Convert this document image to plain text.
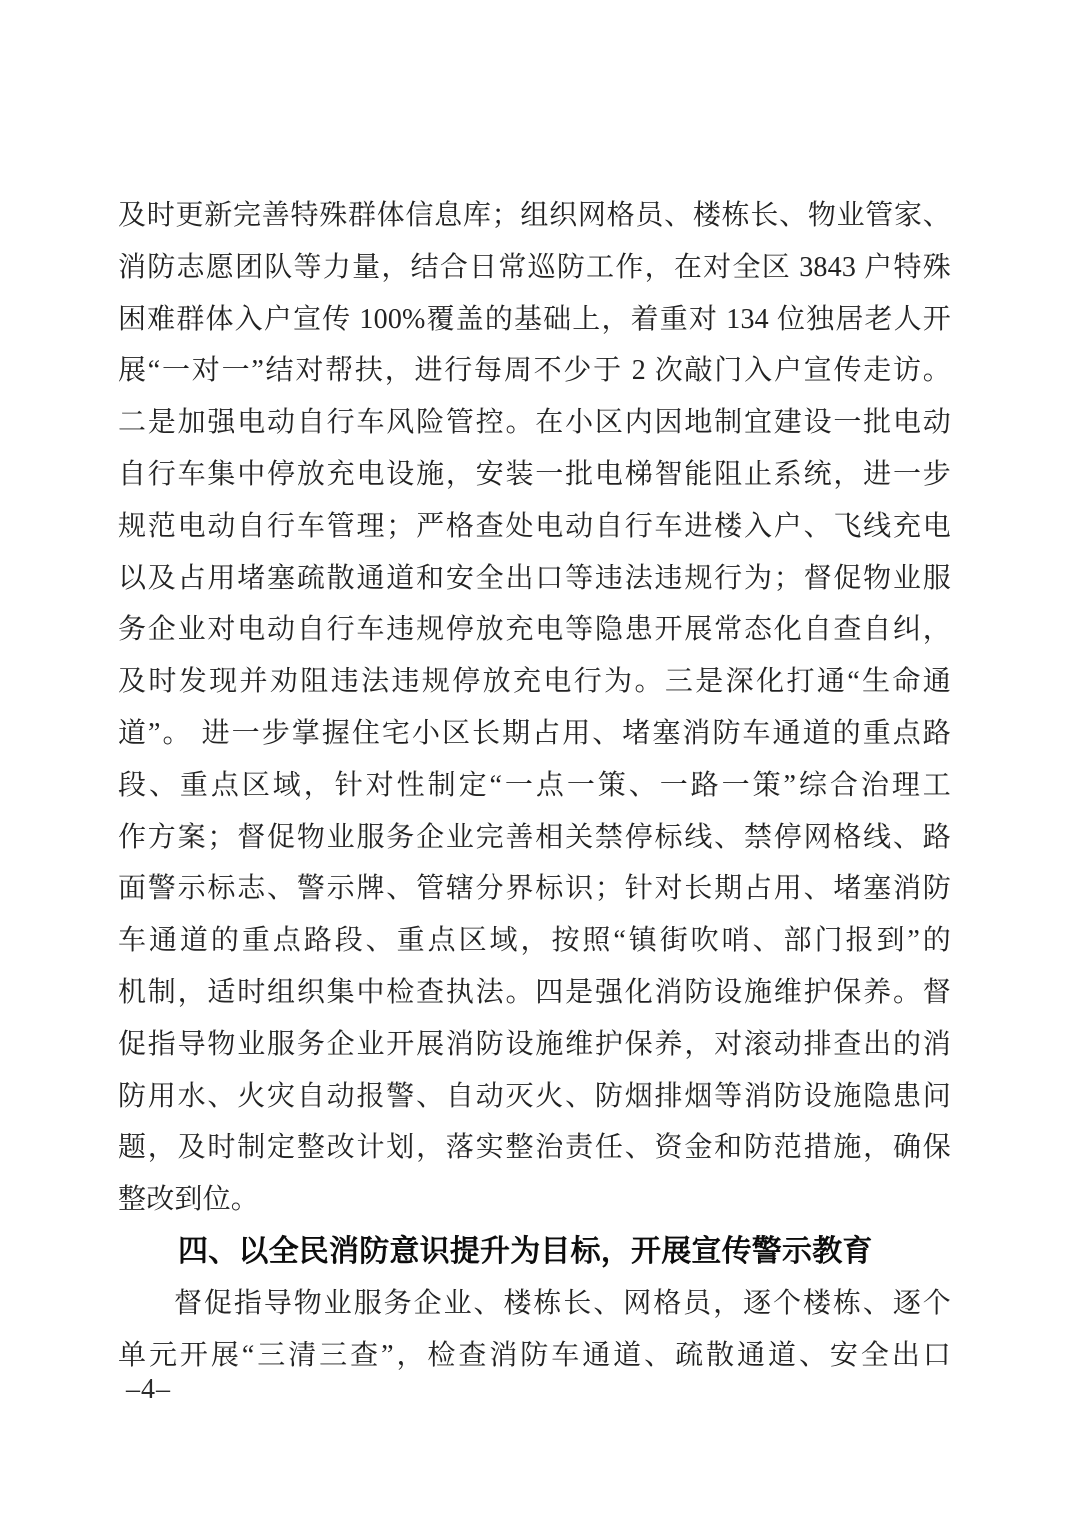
及时更新完善特殊群体信息库；组织网格员、楼栋长、物业管家、
消防志愿团队等力量，结合日常巡防工作，在对全区 3843 户特殊
困难群体入户宣传 100%覆盖的基础上，着重对 134 位独居老人开
展“一对一”结对帮扶，进行每周不少于 2 次敲门入户宣传走访。
二是加强电动自行车风险管控。在小区内因地制宜建设一批电动
自行车集中停放充电设施，安装一批电梯智能阻止系统，进一步
规范电动自行车管理；严格查处电动自行车进楼入户、飞线充电
以及占用堵塞疏散通道和安全出口等违法违规行为；督促物业服
务企业对电动自行车违规停放充电等隐患开展常态化自查自纠，
及时发现并劝阻违法违规停放充电行为。三是深化打通“生命通
道”。 进一步掌握住宅小区长期占用、堵塞消防车通道的重点路
段、重点区域，针对性制定“一点一策、一路一策”综合治理工
作方案；督促物业服务企业完善相关禁停标线、禁停网格线、路
面警示标志、警示牌、管辖分界标识；针对长期占用、堵塞消防
车通道的重点路段、重点区域，按照“镇街吹哨、部门报到”的
机制，适时组织集中检查执法。四是强化消防设施维护保养。督
促指导物业服务企业开展消防设施维护保养，对滚动排查出的消
防用水、火灾自动报警、自动灭火、防烟排烟等消防设施隐患问
题，及时制定整改计划，落实整治责任、资金和防范措施，确保
整改到位。
四、以全民消防意识提升为目标，开展宣传警示教育
督促指导物业服务企业、楼栋长、网格员，逐个楼栋、逐个
单元开展“三清三查”，检查消防车通道、疏散通道、安全出口
–4–
